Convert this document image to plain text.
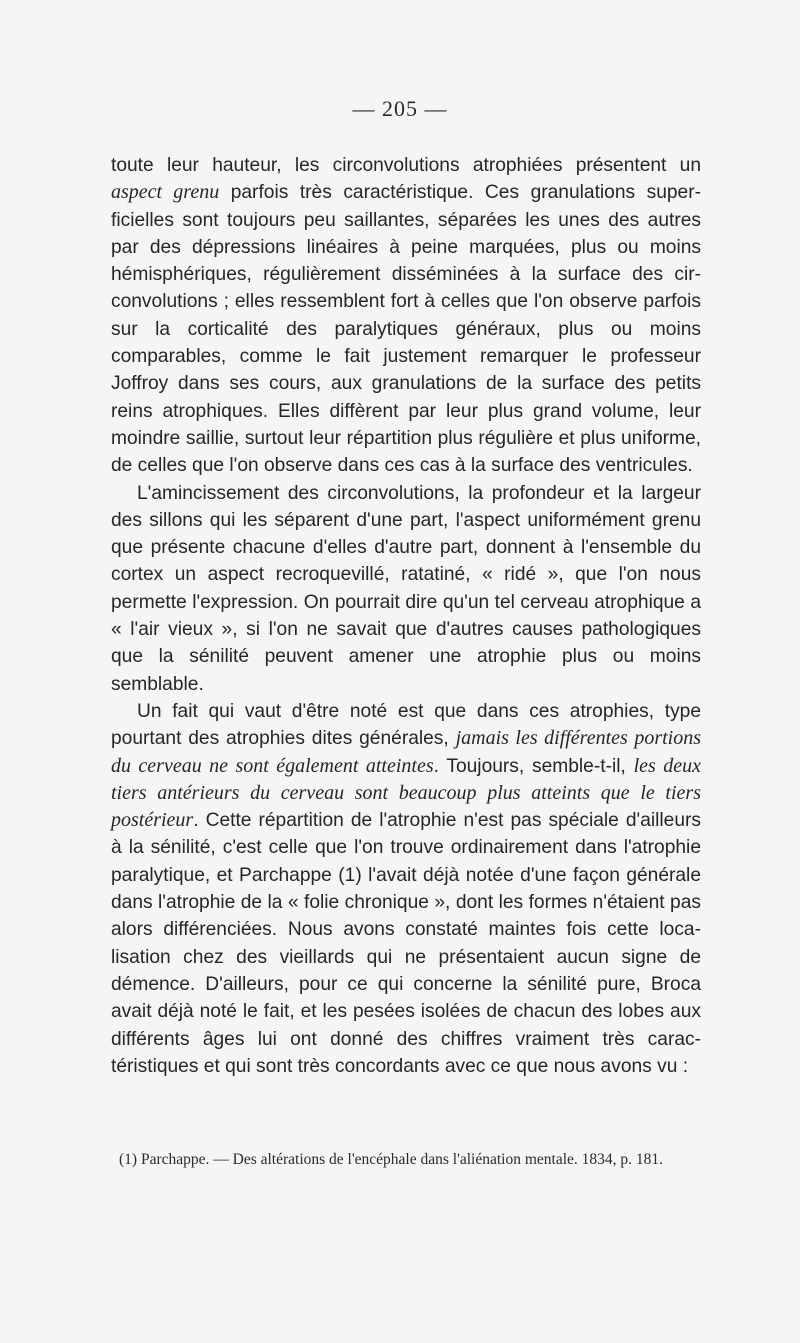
— 205 —

toute leur hauteur, les circonvolutions atrophiées présentent un aspect grenu parfois très caractéristique. Ces granulations superficielles sont toujours peu saillantes, séparées les unes des autres par des dépressions linéaires à peine marquées, plus ou moins hémisphériques, régulièrement disséminées à la surface des circonvolutions ; elles ressemblent fort à celles que l'on observe parfois sur la corticalité des paralytiques généraux, plus ou moins comparables, comme le fait justement remarquer le professeur Joffroy dans ses cours, aux granulations de la surface des petits reins atrophiques. Elles diffèrent par leur plus grand volume, leur moindre saillie, surtout leur répartition plus régulière et plus uniforme, de celles que l'on observe dans ces cas à la surface des ventricules.

L'amincissement des circonvolutions, la profondeur et la largeur des sillons qui les séparent d'une part, l'aspect uniformément grenu que présente chacune d'elles d'autre part, donnent à l'ensemble du cortex un aspect recroquevillé, ratatiné, « ridé », que l'on nous permette l'expression. On pourrait dire qu'un tel cerveau atrophique a « l'air vieux », si l'on ne savait que d'autres causes pathologiques que la sénilité peuvent amener une atrophie plus ou moins semblable.

Un fait qui vaut d'être noté est que dans ces atrophies, type pourtant des atrophies dites générales, jamais les différentes portions du cerveau ne sont également atteintes. Toujours, semble-t-il, les deux tiers antérieurs du cerveau sont beaucoup plus atteints que le tiers postérieur. Cette répartition de l'atrophie n'est pas spéciale d'ailleurs à la sénilité, c'est celle que l'on trouve ordinairement dans l'atrophie paralytique, et Parchappe (1) l'avait déjà notée d'une façon générale dans l'atrophie de la « folie chronique », dont les formes n'étaient pas alors différenciées. Nous avons constaté maintes fois cette localisation chez des vieillards qui ne présentaient aucun signe de démence. D'ailleurs, pour ce qui concerne la sénilité pure, Broca avait déjà noté le fait, et les pesées isolées de chacun des lobes aux différents âges lui ont donné des chiffres vraiment très caractéristiques et qui sont très concordants avec ce que nous avons vu :

(1) Parchappe. — Des altérations de l'encéphale dans l'aliénation mentale. 1834, p. 181.
